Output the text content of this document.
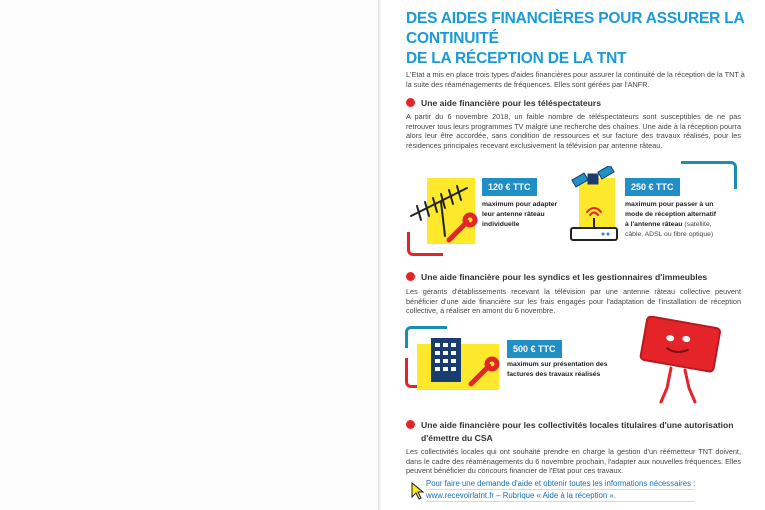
DES AIDES FINANCIÈRES POUR ASSURER LA CONTINUITÉ
DE LA RÉCEPTION DE LA TNT

L'Etat a mis en place trois types d'aides financières pour assurer la continuité de la réception de la TNT à la suite des réaménagements de fréquences. Elles sont gérées par l'ANFR.

Une aide financière pour les téléspectateurs

A partir du 6 novembre 2018, un faible nombre de téléspectateurs sont susceptibles de ne pas retrouver tous leurs programmes TV malgré une recherche des chaînes. Une aide à la réception pourra alors leur être accordée, sans condition de ressources et sur facture des travaux réalisés, pour les résidences principales recevant exclusivement la télévision par antenne râteau.

120 € TTC
maximum pour adapter
leur antenne râteau
individuelle
250 € TTC
maximum pour passer à un
mode de réception alternatif
à l'antenne râteau (satellite,
câble, ADSL ou fibre optique)
Une aide financière pour les syndics et les gestionnaires d'immeubles

Les gérants d'établissements recevant la télévision par une antenne râteau collective peuvent bénéficier d'une aide financière sur les frais engagés pour l'adaptation de l'installation de réception collective, à réaliser en amont du 6 novembre.

500 € TTC
maximum sur présentation des
factures des travaux réalisés
Une aide financière pour les collectivités locales titulaires d'une autorisation
d'émettre du CSA

Les collectivités locales qui ont souhaité prendre en charge la gestion d'un réémetteur TNT doivent, dans le cadre des réaménagements du 6 novembre prochain, l'adapter aux nouvelles fréquences. Elles peuvent bénéficier du concours financier de l'Etat pour ces travaux.

Pour faire une demande d'aide et obtenir toutes les informations nécessaires :
www.recevoirlatnt.fr – Rubrique « Aide à la réception ».
